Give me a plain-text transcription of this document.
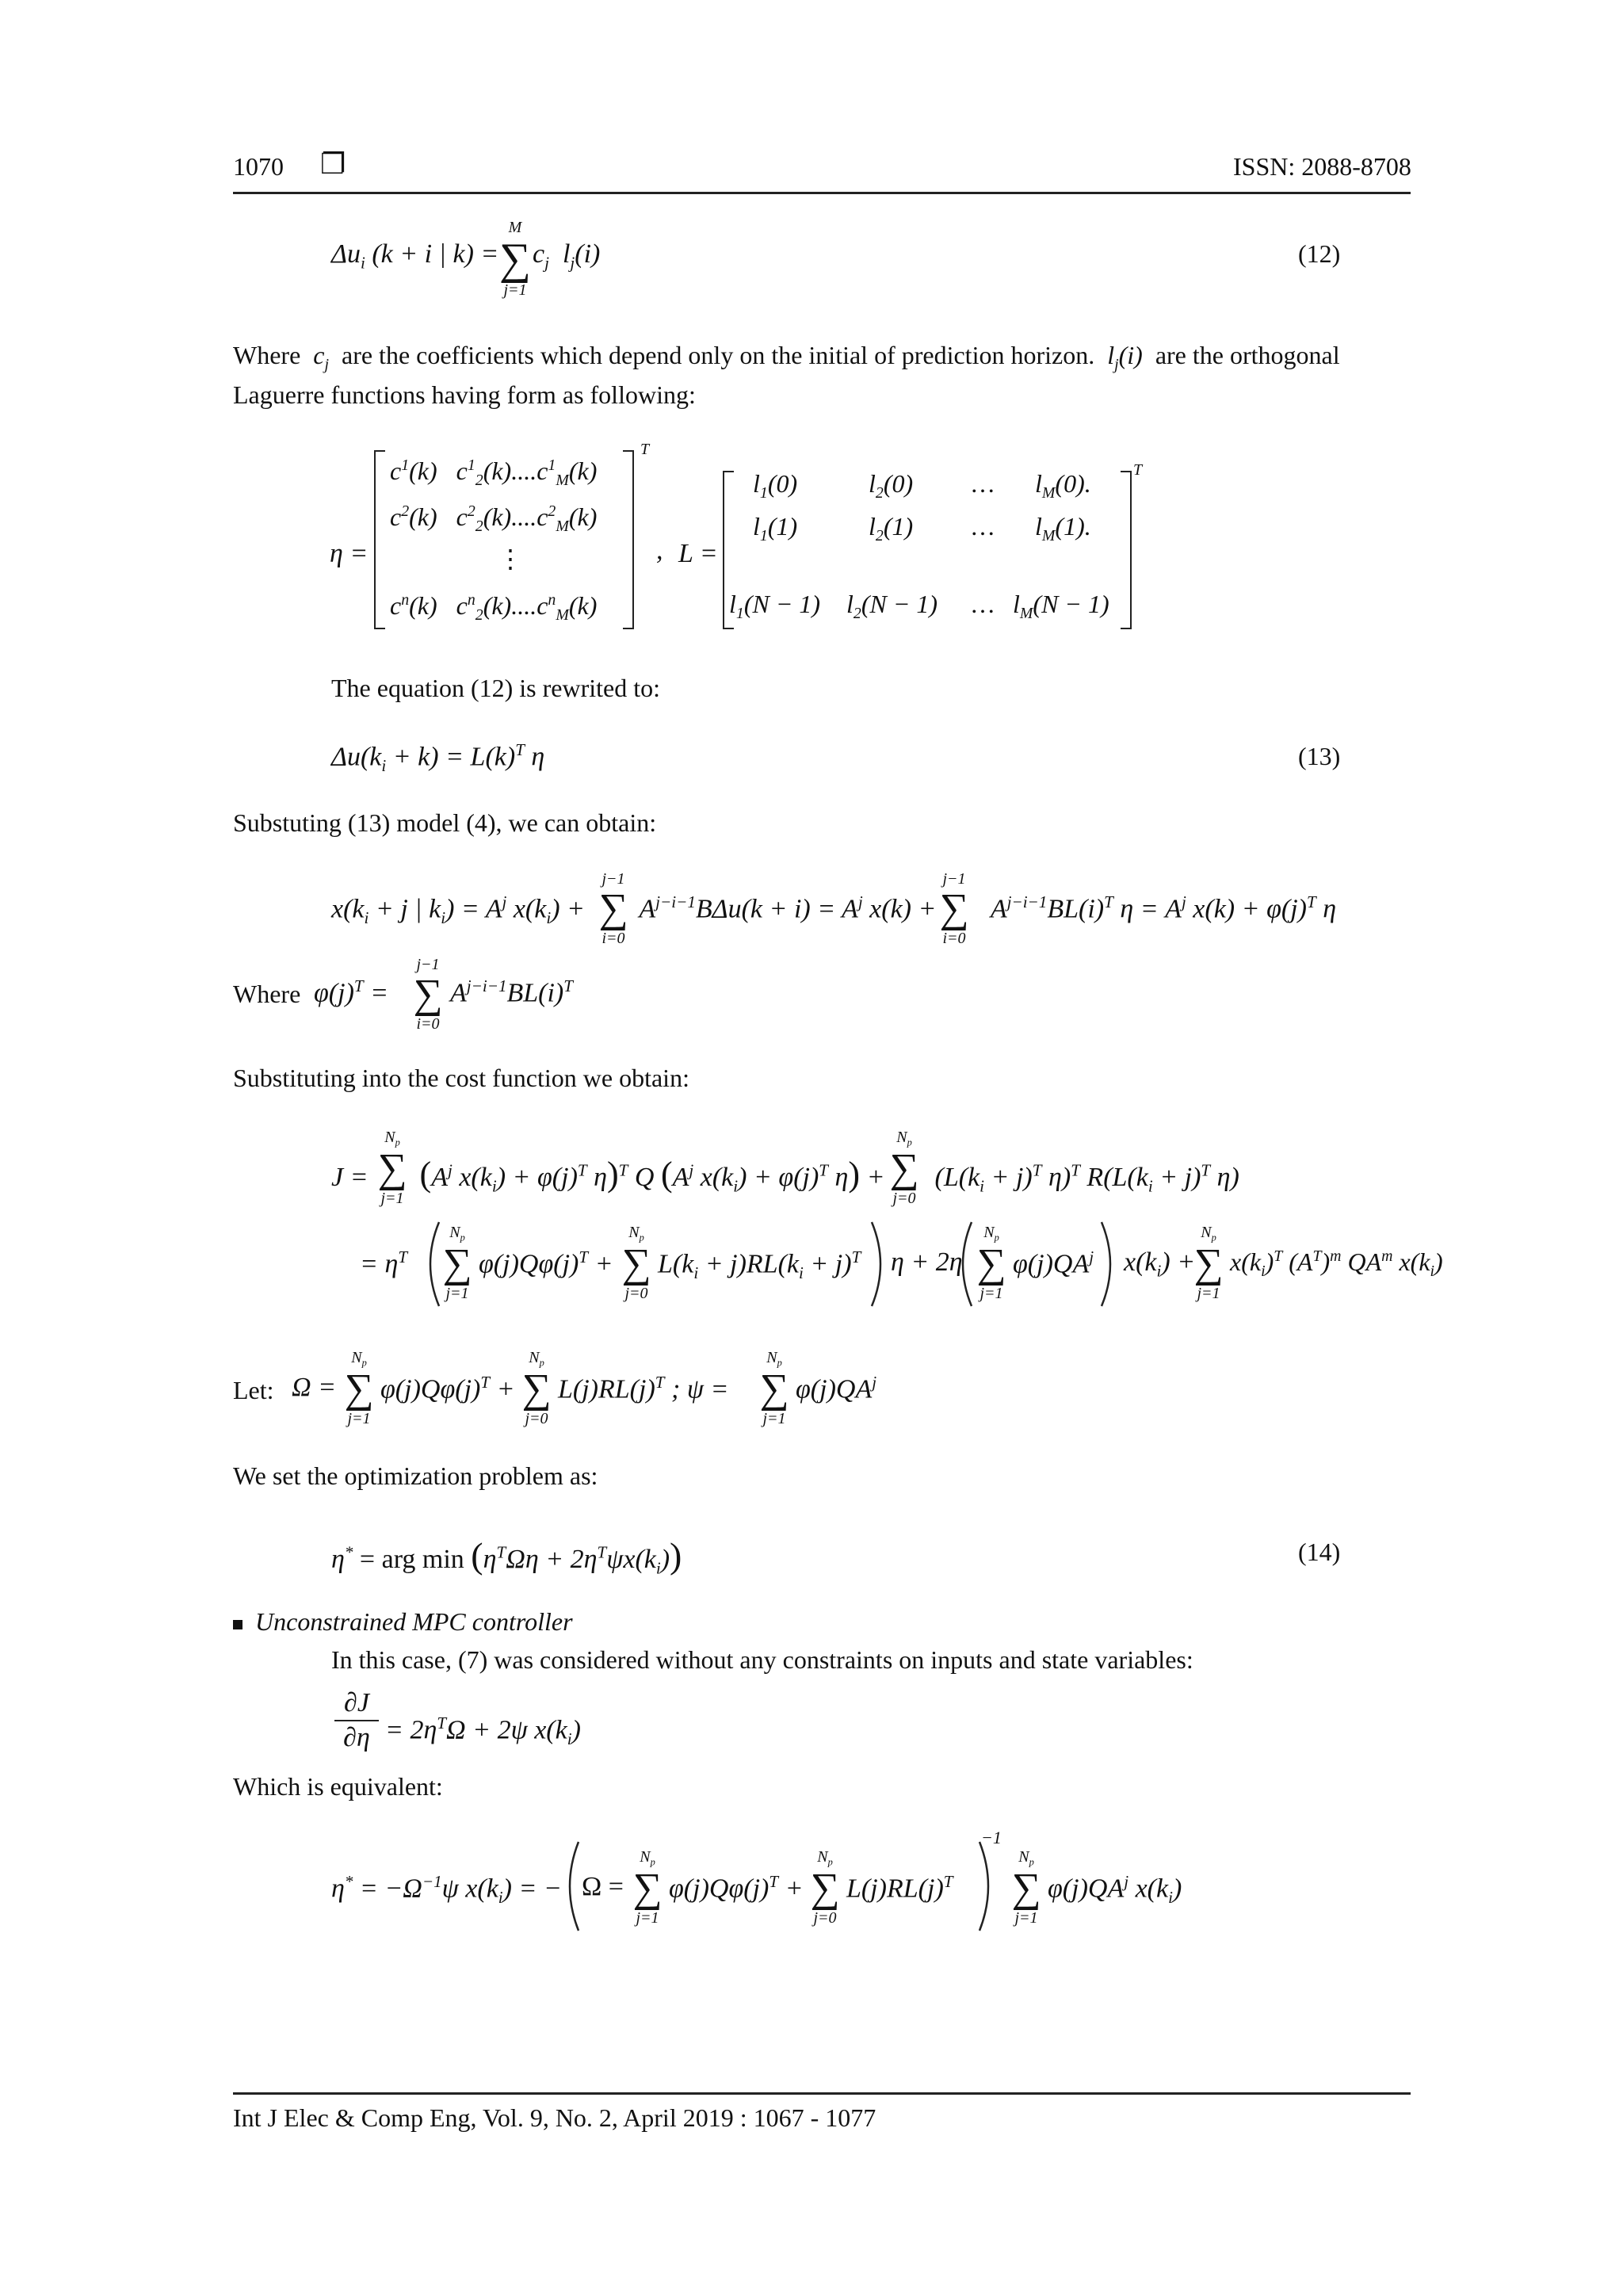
1070 ❐	ISSN: 2088-8708
$\Delta u_i$ (k + i | k) =
M
∑
j=1
$c_j$ $l_j(i)$	(12)
Where  $c_j$ are the coefficients which depend only on the initial of prediction horizon.  $l_j(i)$  are the orthogonal
Laguerre functions having form as following:
η =
T
$c^1(k)$ $c^1_2(k)....c^1_M(k)$
$c^2(k)$ $c^2_2(k)....c^2_M(k)$
⋮
$c^n(k)$ $c^n_2(k)....c^n_M(k)$
, L =
T
$l_1(0)$	$l_2(0)$ … $l_M(0)$.
$l_1(1)$	$l_2(1)$ … $l_M(1)$.
$l_1(N - 1) l_2(N - 1)$ … $l_M(N - 1)$
The equation (12) is rewrited to:
$\Delta u(k_i + k) = L(k)^T$ η	(13)
Substuting (13) model (4), we can obtain:
$x(k_i + j$ | $k_i) = A^j$ $x(k_i) + A^{j-i-1}B\Delta u(k + i) = A^j$ $x(k) + A^{j-i-1}BL(i)^T$ $\eta = A^j$ $x(k) + \varphi(j)^T$ η
j−1
∑
i=0
j−1
∑
i=0
Where $\varphi(j)^T$ =
j−1
∑
i=0
$A^{j-i-1}BL(i)^T$
Substituting into the cost function we obtain:
$J = (A^j$ $x(k_i) + \varphi(j)^T$ η)$^T$ Q ($A^j$ $x(k_i) + \varphi(j)^T$ $\eta) + (L(k_i + j)^T$ η)$^T$ $R(L(k_i + j)^T$ η)
$N_p$
∑
j=1
$N_p$
∑
j=0
= $\eta^T$
$N_p$
∑
j=1
$\varphi(j)Q\varphi(j)^T$ +
$N_p$
∑
j=0
$L(k_i + j)RL(k_i + j)^T$ η + 2η
$N_p$
∑
j=1
$\varphi(j)QA^j$ $x(k_i)$ +
$N_p$
∑
j=1
$x(k_i)^T$ $(A^T)^m$ $QA^m$ $x(k_i)$
Let: Ω =
$N_p$
∑
j=1
$\varphi(j)Q\varphi(j)^T$ +
$N_p$
∑
j=0
$L(j)RL(j)^T$ ; ψ =
$N_p$
∑
j=1
$\varphi(j)QA^j$
We set the optimization problem as:
η* = arg $\min (\eta^T\Omega\eta + 2\eta^T\psi x(k_i))$	(14)
Unconstrained MPC controller
In this case, (7) was considered without any constraints on inputs and state variables:
∂J
$\partial\eta = 2\eta^T\Omega + 2\psi$ $x(k_i)$
Which is equivalent:
$\eta^* = -\Omega^{-1}\psi$ $x(k_i)$ = − Ω =
$N_p$
∑
j=1
$\varphi(j)Q\varphi(j)^T$ +
$N_p$
∑
j=0
$L(j)RL(j)^T$
−1
$N_p$
∑
j=1
$\varphi(j)QA^j$ $x(k_i)$
Int J Elec & Comp Eng, Vol. 9, No. 2, April 2019 : 1067 - 1077
